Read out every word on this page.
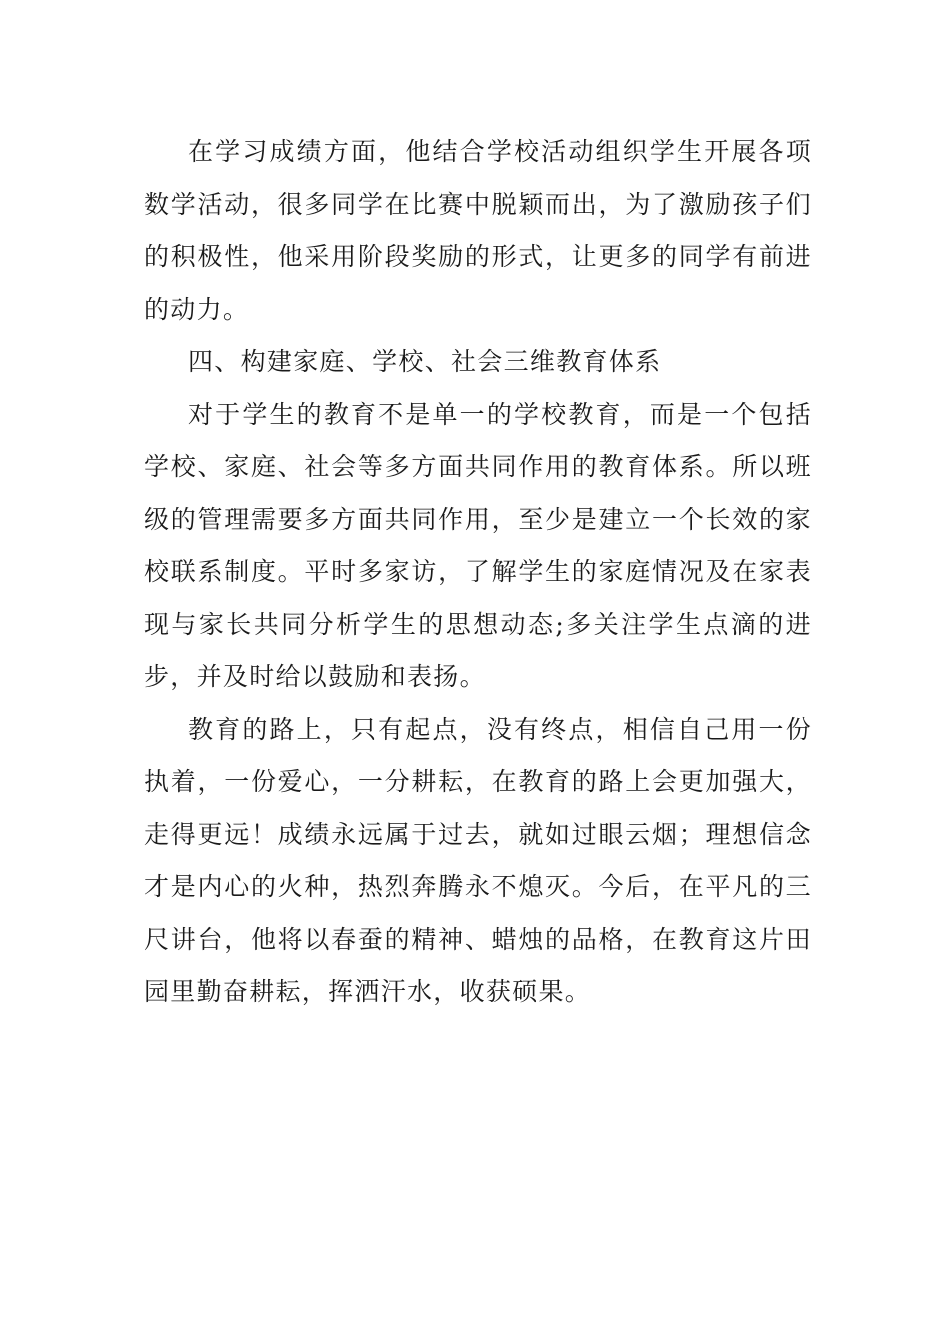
在学习成绩方面，他结合学校活动组织学生开展各项数学活动，很多同学在比赛中脱颖而出，为了激励孩子们的积极性，他采用阶段奖励的形式，让更多的同学有前进的动力。

四、构建家庭、学校、社会三维教育体系

对于学生的教育不是单一的学校教育，而是一个包括学校、家庭、社会等多方面共同作用的教育体系。所以班级的管理需要多方面共同作用，至少是建立一个长效的家校联系制度。平时多家访，了解学生的家庭情况及在家表现与家长共同分析学生的思想动态;多关注学生点滴的进步，并及时给以鼓励和表扬。

教育的路上，只有起点，没有终点，相信自己用一份执着，一份爱心，一分耕耘，在教育的路上会更加强大，走得更远！成绩永远属于过去，就如过眼云烟；理想信念才是内心的火种，热烈奔腾永不熄灭。今后，在平凡的三尺讲台，他将以春蚕的精神、蜡烛的品格，在教育这片田园里勤奋耕耘，挥洒汗水，收获硕果。
